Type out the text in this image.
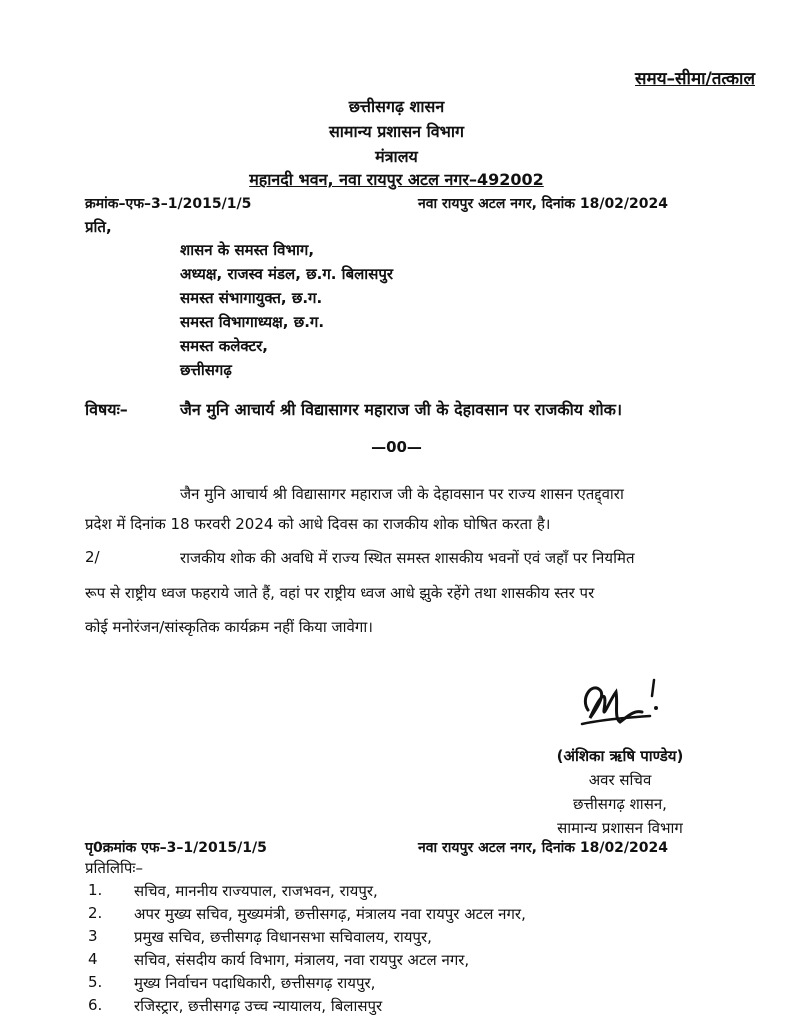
समय–सीमा/तत्काल
छत्तीसगढ़ शासन
सामान्य प्रशासन विभाग
मंत्रालय
महानदी भवन, नवा रायपुर अटल नगर–492002
क्रमांक–एफ–3–1/2015/1/5	नवा रायपुर अटल नगर, दिनांक 18/02/2024
प्रति,
शासन के समस्त विभाग,
अध्यक्ष, राजस्व मंडल, छ.ग. बिलासपुर
समस्त संभागायुक्त, छ.ग.
समस्त विभागाध्यक्ष, छ.ग.
समस्त कलेक्टर,
छत्तीसगढ़
विषयः–	जैन मुनि आचार्य श्री विद्यासागर महाराज जी के देहावसान पर राजकीय शोक।
—00—
जैन मुनि आचार्य श्री विद्यासागर महाराज जी के देहावसान पर राज्य शासन एतद्द्वारा
प्रदेश में दिनांक 18 फरवरी 2024 को आधे दिवस का राजकीय शोक घोषित करता है।
2/	राजकीय शोक की अवधि में राज्य स्थित समस्त शासकीय भवनों एवं जहाँ पर नियमित
रूप से राष्ट्रीय ध्वज फहराये जाते हैं, वहां पर राष्ट्रीय ध्वज आधे झुके रहेंगे तथा शासकीय स्तर पर
कोई मनोरंजन/सांस्कृतिक कार्यक्रम नहीं किया जावेगा।
(अंशिका ऋषि पाण्डेय)
अवर सचिव
छत्तीसगढ़ शासन,
सामान्य प्रशासन विभाग
पृ0क्रमांक एफ–3–1/2015/1/5	नवा रायपुर अटल नगर, दिनांक 18/02/2024
प्रतिलिपिः–
1. सचिव, माननीय राज्यपाल, राजभवन, रायपुर,
2. अपर मुख्य सचिव, मुख्यमंत्री, छत्तीसगढ़, मंत्रालय नवा रायपुर अटल नगर,
3 प्रमुख सचिव, छत्तीसगढ़ विधानसभा सचिवालय, रायपुर,
4 सचिव, संसदीय कार्य विभाग, मंत्रालय, नवा रायपुर अटल नगर,
5. मुख्य निर्वाचन पदाधिकारी, छत्तीसगढ़ रायपुर,
6. रजिस्ट्रार, छत्तीसगढ़ उच्च न्यायालय, बिलासपुर
